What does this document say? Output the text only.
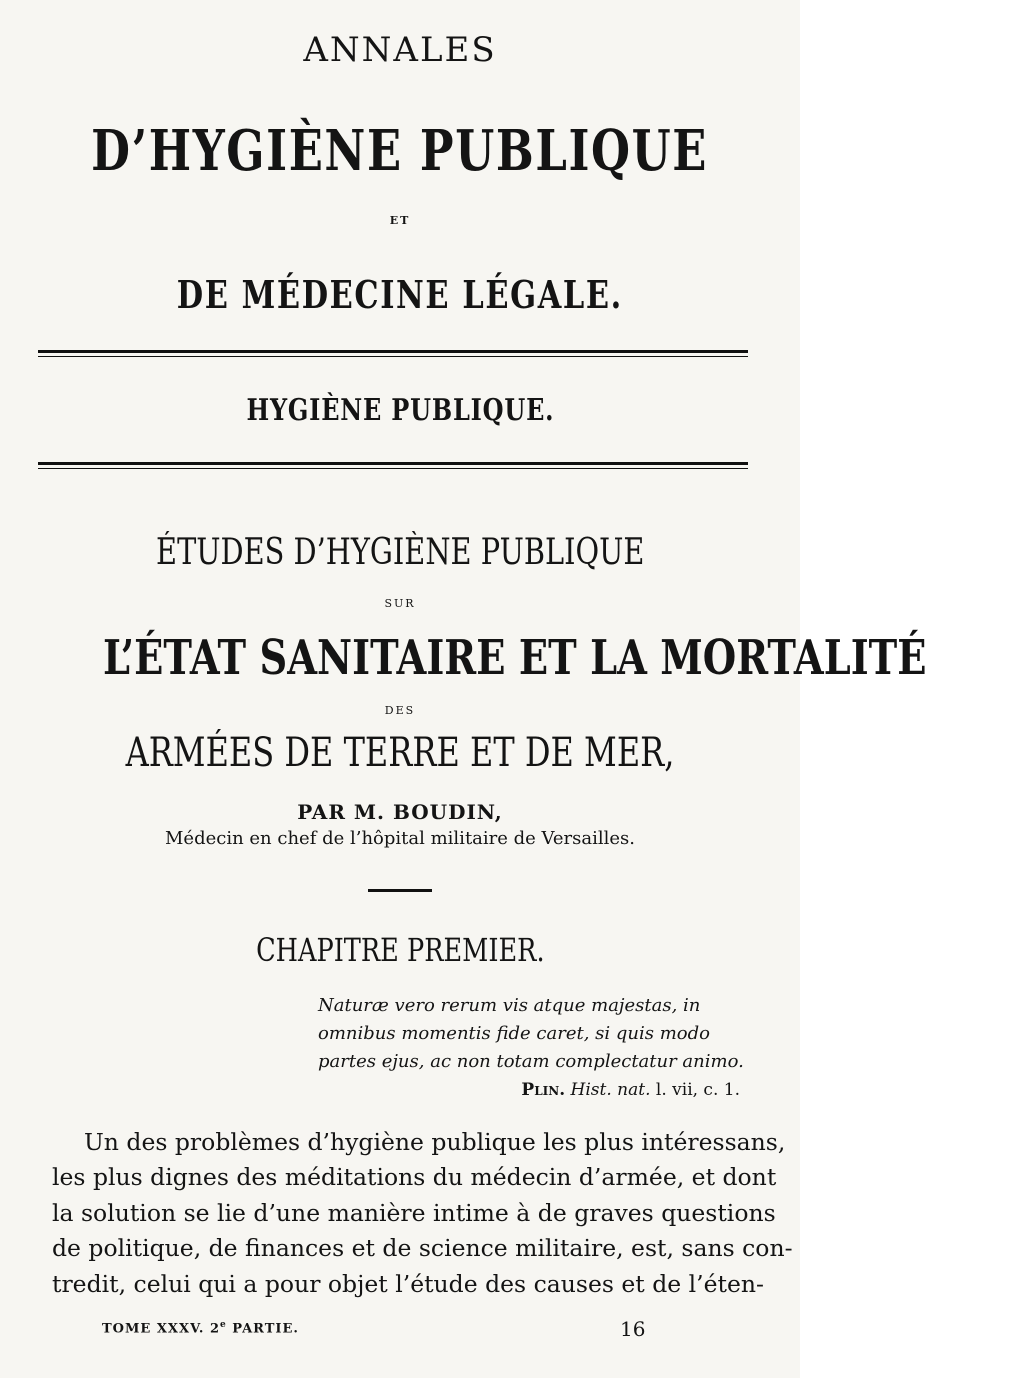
ANNALES
D’HYGIÈNE PUBLIQUE
ET
DE MÉDECINE LÉGALE.
HYGIÈNE PUBLIQUE.
ÉTUDES D’HYGIÈNE PUBLIQUE
SUR
L’ÉTAT SANITAIRE ET LA MORTALITÉ
DES
ARMÉES DE TERRE ET DE MER,
PAR M. BOUDIN,
Médecin en chef de l’hôpital militaire de Versailles.
CHAPITRE PREMIER.
Naturæ vero rerum vis atque majestas, in
omnibus momentis fide caret, si quis modo
partes ejus, ac non totam complectatur animo.
Plin. Hist. nat. l. vii, c. 1.
Un des problèmes d’hygiène publique les plus intéressans,
les plus dignes des méditations du médecin d’armée, et dont
la solution se lie d’une manière intime à de graves questions
de politique, de finances et de science militaire, est, sans con-
tredit, celui qui a pour objet l’étude des causes et de l’éten-
TOME XXXV. 2e PARTIE.	16
